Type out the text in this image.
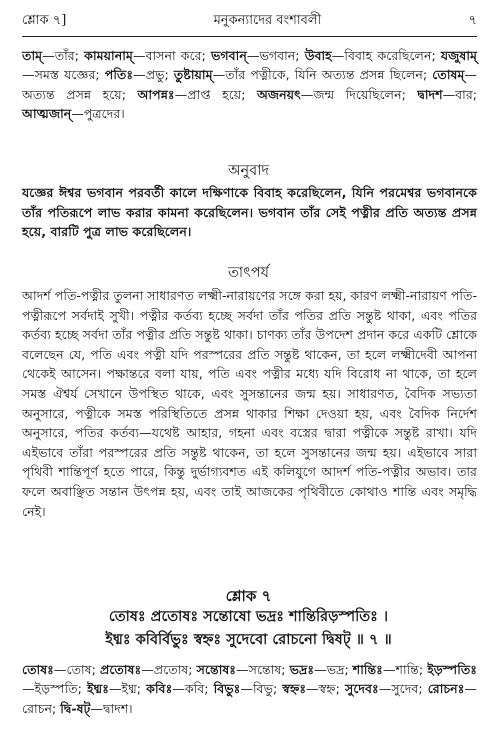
শ্লোক ৭]	মনুকন্যাদের বংশাবলী	৭

তাম্—তাঁর; কাময়ানাম্—বাসনা করে; ভগবান্—ভগবান; উবাহ—বিবাহ করেছিলেন; যজুষাম্—সমস্ত যজ্ঞের; পতিঃ—প্রভু; তুষ্টায়াম্—তাঁর পত্নীকে, যিনি অত্যন্ত প্রসন্ন ছিলেন; তোষম্—অত্যন্ত প্রসন্ন হয়ে; আপন্নঃ—প্রাপ্ত হয়ে; অজনয়ৎ—জন্ম দিয়েছিলেন; দ্বাদশ—বার; আত্মজান্—পুত্রদের।

অনুবাদ

যজ্ঞের ঈশ্বর ভগবান পরবর্তী কালে দক্ষিণাকে বিবাহ করেছিলেন, যিনি পরমেশ্বর ভগবানকে তাঁর পতিরূপে লাভ করার কামনা করেছিলেন। ভগবান তাঁর সেই পত্নীর প্রতি অত্যন্ত প্রসন্ন হয়ে, বারটি পুত্র লাভ করেছিলেন।

তাৎপর্য

আদর্শ পতি-পত্নীর তুলনা সাধারণত লক্ষ্মী-নারায়ণের সঙ্গে করা হয়, কারণ লক্ষ্মী-নারায়ণ পতি-পত্নীরূপে সর্বদাই সুখী। পত্নীর কর্তব্য হচ্ছে সর্বদা তাঁর পতির প্রতি সন্তুষ্ট থাকা, এবং পতির কর্তব্য হচ্ছে সর্বদা তাঁর পত্নীর প্রতি সন্তুষ্ট থাকা। চাণক্য তাঁর উপদেশ প্রদান করে একটি শ্লোকে বলেছেন যে, পতি এবং পত্নী যদি পরস্পরের প্রতি সন্তুষ্ট থাকেন, তা হলে লক্ষ্মীদেবী আপনা থেকেই আসেন। পক্ষান্তরে বলা যায়, পতি এবং পত্নীর মধ্যে যদি বিরোধ না থাকে, তা হলে সমস্ত ঐশ্বর্য সেখানে উপস্থিত থাকে, এবং সুসন্তানের জন্ম হয়। সাধারণত, বৈদিক সভ্যতা অনুসারে, পত্নীকে সমস্ত পরিস্থিতিতে প্রসন্ন থাকার শিক্ষা দেওয়া হয়, এবং বৈদিক নির্দেশ অনুসারে, পতির কর্তব্য—যথেষ্ট আহার, গহনা এবং বস্ত্রের দ্বারা পত্নীকে সন্তুষ্ট রাখা। যদি এইভাবে তাঁরা পরস্পরের প্রতি সন্তুষ্ট থাকেন, তা হলে সুসন্তানের জন্ম হয়। এইভাবে সারা পৃথিবী শান্তিপূর্ণ হতে পারে, কিন্তু দুর্ভাগ্যবশত এই কলিযুগে আদর্শ পতি-পত্নীর অভাব। তার ফলে অবাঞ্ছিত সন্তান উৎপন্ন হয়, এবং তাই আজকের পৃথিবীতে কোথাও শান্তি এবং সমৃদ্ধি নেই।

শ্লোক ৭
তোষঃ প্রতোষঃ সন্তোষো ভদ্রঃ শান্তিরিড়স্পতিঃ ।
ইধ্মঃ কবির্বিভুঃ স্বহ্নঃ সুদেবো রোচনো দ্বিষট্ ॥ ৭ ॥

তোষঃ—তোষ; প্রতোষঃ—প্রতোষ; সন্তোষঃ—সন্তোষ; ভদ্রঃ—ভদ্র; শান্তিঃ—শান্তি; ইড়স্পতিঃ—ইড়স্পতি; ইধ্মঃ—ইধ্ম; কবিঃ—কবি; বিভুঃ—বিভু; স্বহ্নঃ—স্বহ্ন; সুদেবঃ—সুদেব; রোচনঃ—রোচন; দ্বি-ষট্—দ্বাদশ।
